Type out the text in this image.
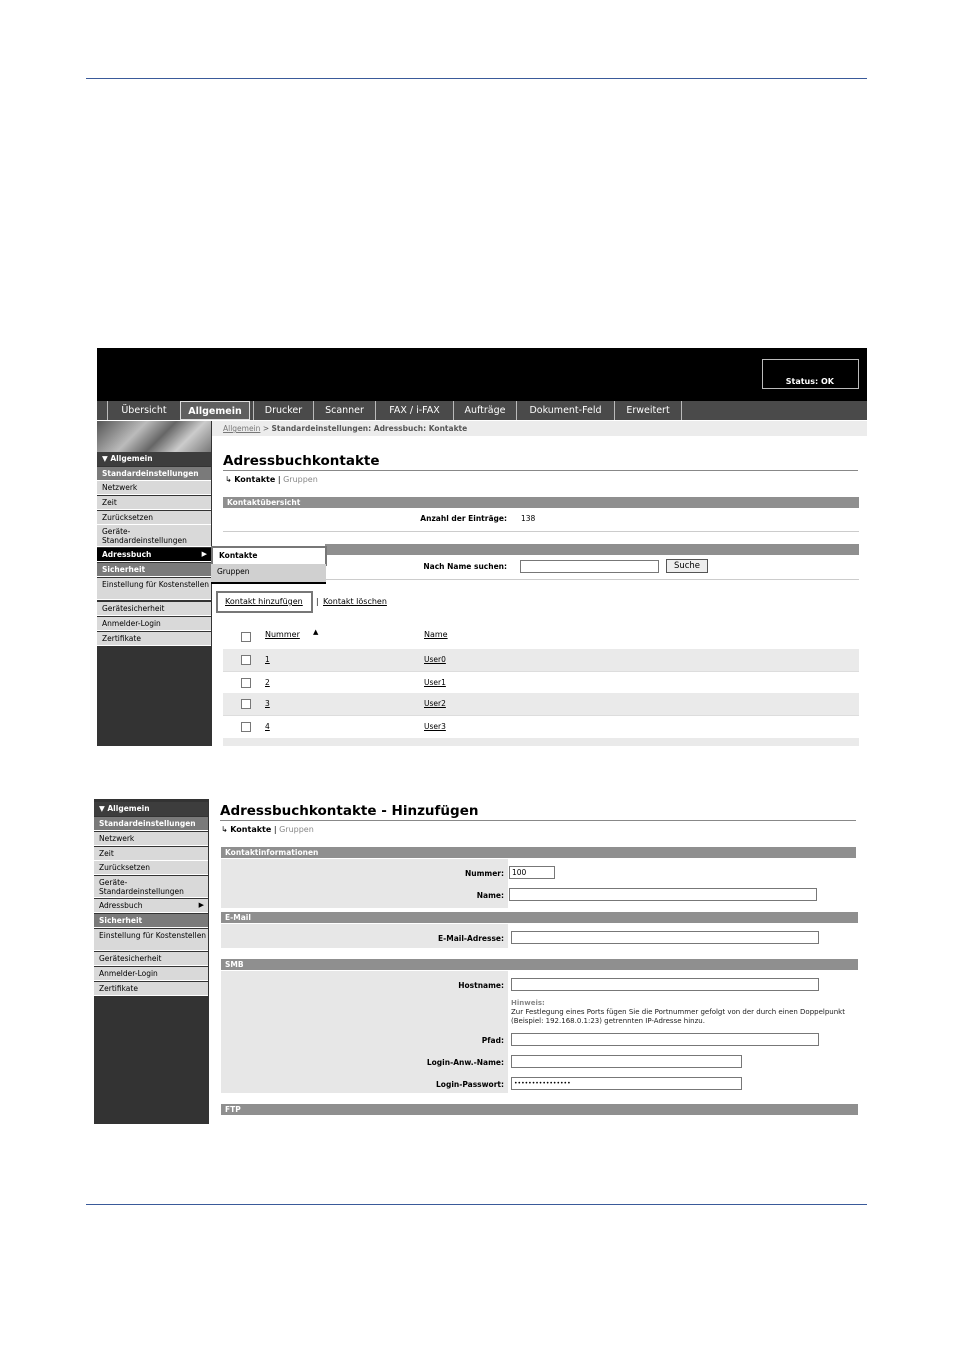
Status: OK
Übersicht	Allgemein	Drucker	Scanner	FAX / i-FAX	Aufträge	Dokument-Feld	Erweitert
▼ Allgemein
Standardeinstellungen
Netzwerk
Zeit
Zurücksetzen
Geräte-Standardeinstellungen
Adressbuch	▶
Sicherheit
Einstellung für Kostenstellen
Gerätesicherheit
Anmelder-Login
Zertifikate
Allgemein > Standardeinstellungen: Adressbuch: Kontakte
Adressbuchkontakte
↳ Kontakte | Gruppen
Kontaktübersicht
Anzahl der Einträge: 138
Nach Name suchen:	Suche
Kontakte
Gruppen
Kontakt hinzufügen | Kontakt löschen
Nummer ▲	Name
1	User0
2	User1
3	User2
4	User3
▼ Allgemein
Standardeinstellungen
Netzwerk
Zeit
Zurücksetzen
Geräte-Standardeinstellungen
Adressbuch	▶
Sicherheit
Einstellung für Kostenstellen
Gerätesicherheit
Anmelder-Login
Zertifikate
Adressbuchkontakte - Hinzufügen
↳ Kontakte | Gruppen
Kontaktinformationen
Nummer:	100
Name:
E-Mail
E-Mail-Adresse:
SMB
Hostname:
Hinweis:
Zur Festlegung eines Ports fügen Sie die Portnummer gefolgt von der durch einen Doppelpunkt (Beispiel: 192.168.0.1:23) getrennten IP-Adresse hinzu.
Pfad:
Login-Anw.-Name:
Login-Passwort:	••••••••••••••••
FTP
